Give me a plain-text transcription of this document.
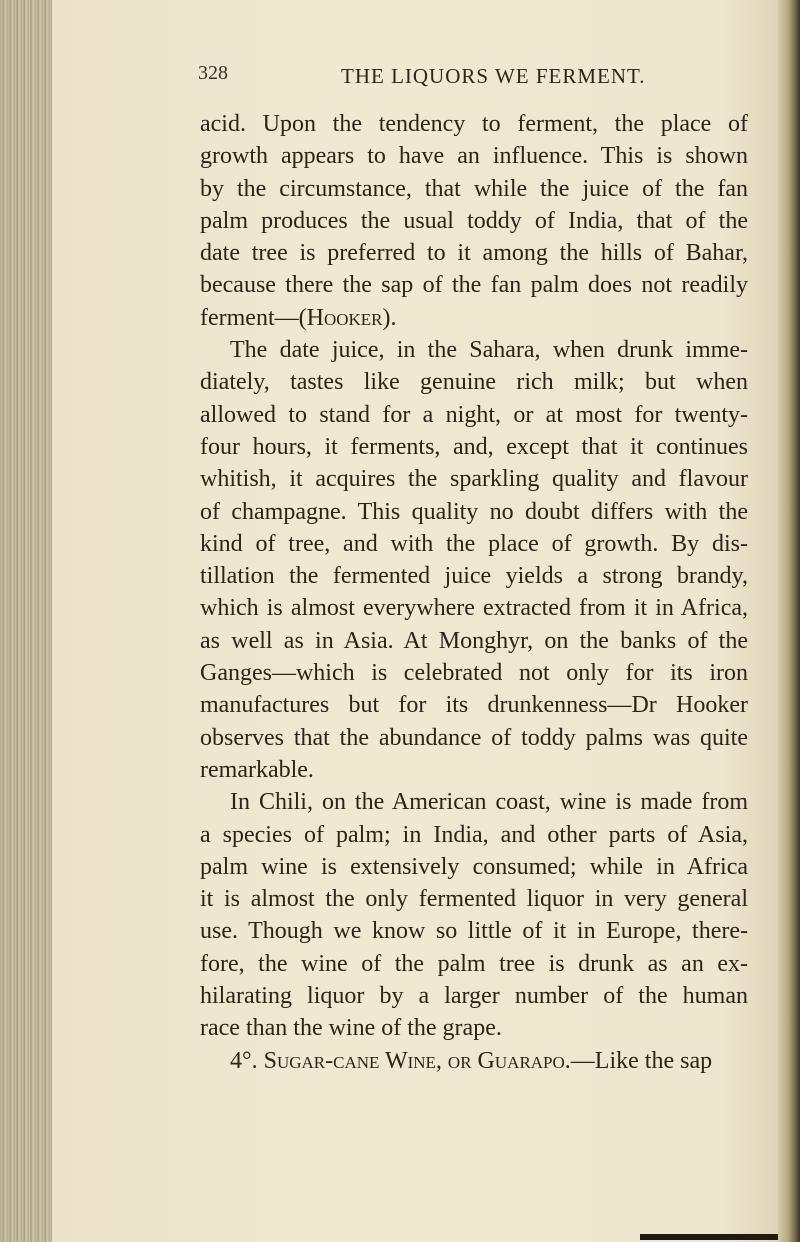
328	THE LIQUORS WE FERMENT.
acid. Upon the tendency to ferment, the place of
growth appears to have an influence. This is shown
by the circumstance, that while the juice of the fan
palm produces the usual toddy of India, that of the
date tree is preferred to it among the hills of Bahar,
because there the sap of the fan palm does not readily
ferment—(Hooker).
The date juice, in the Sahara, when drunk imme-
diately, tastes like genuine rich milk; but when
allowed to stand for a night, or at most for twenty-
four hours, it ferments, and, except that it continues
whitish, it acquires the sparkling quality and flavour
of champagne. This quality no doubt differs with the
kind of tree, and with the place of growth. By dis-
tillation the fermented juice yields a strong brandy,
which is almost everywhere extracted from it in Africa,
as well as in Asia. At Monghyr, on the banks of the
Ganges—which is celebrated not only for its iron
manufactures but for its drunkenness—Dr Hooker
observes that the abundance of toddy palms was quite
remarkable.
In Chili, on the American coast, wine is made from
a species of palm; in India, and other parts of Asia,
palm wine is extensively consumed; while in Africa
it is almost the only fermented liquor in very general
use. Though we know so little of it in Europe, there-
fore, the wine of the palm tree is drunk as an ex-
hilarating liquor by a larger number of the human
race than the wine of the grape.
4°. Sugar-cane Wine, or Guarapo.—Like the sap
